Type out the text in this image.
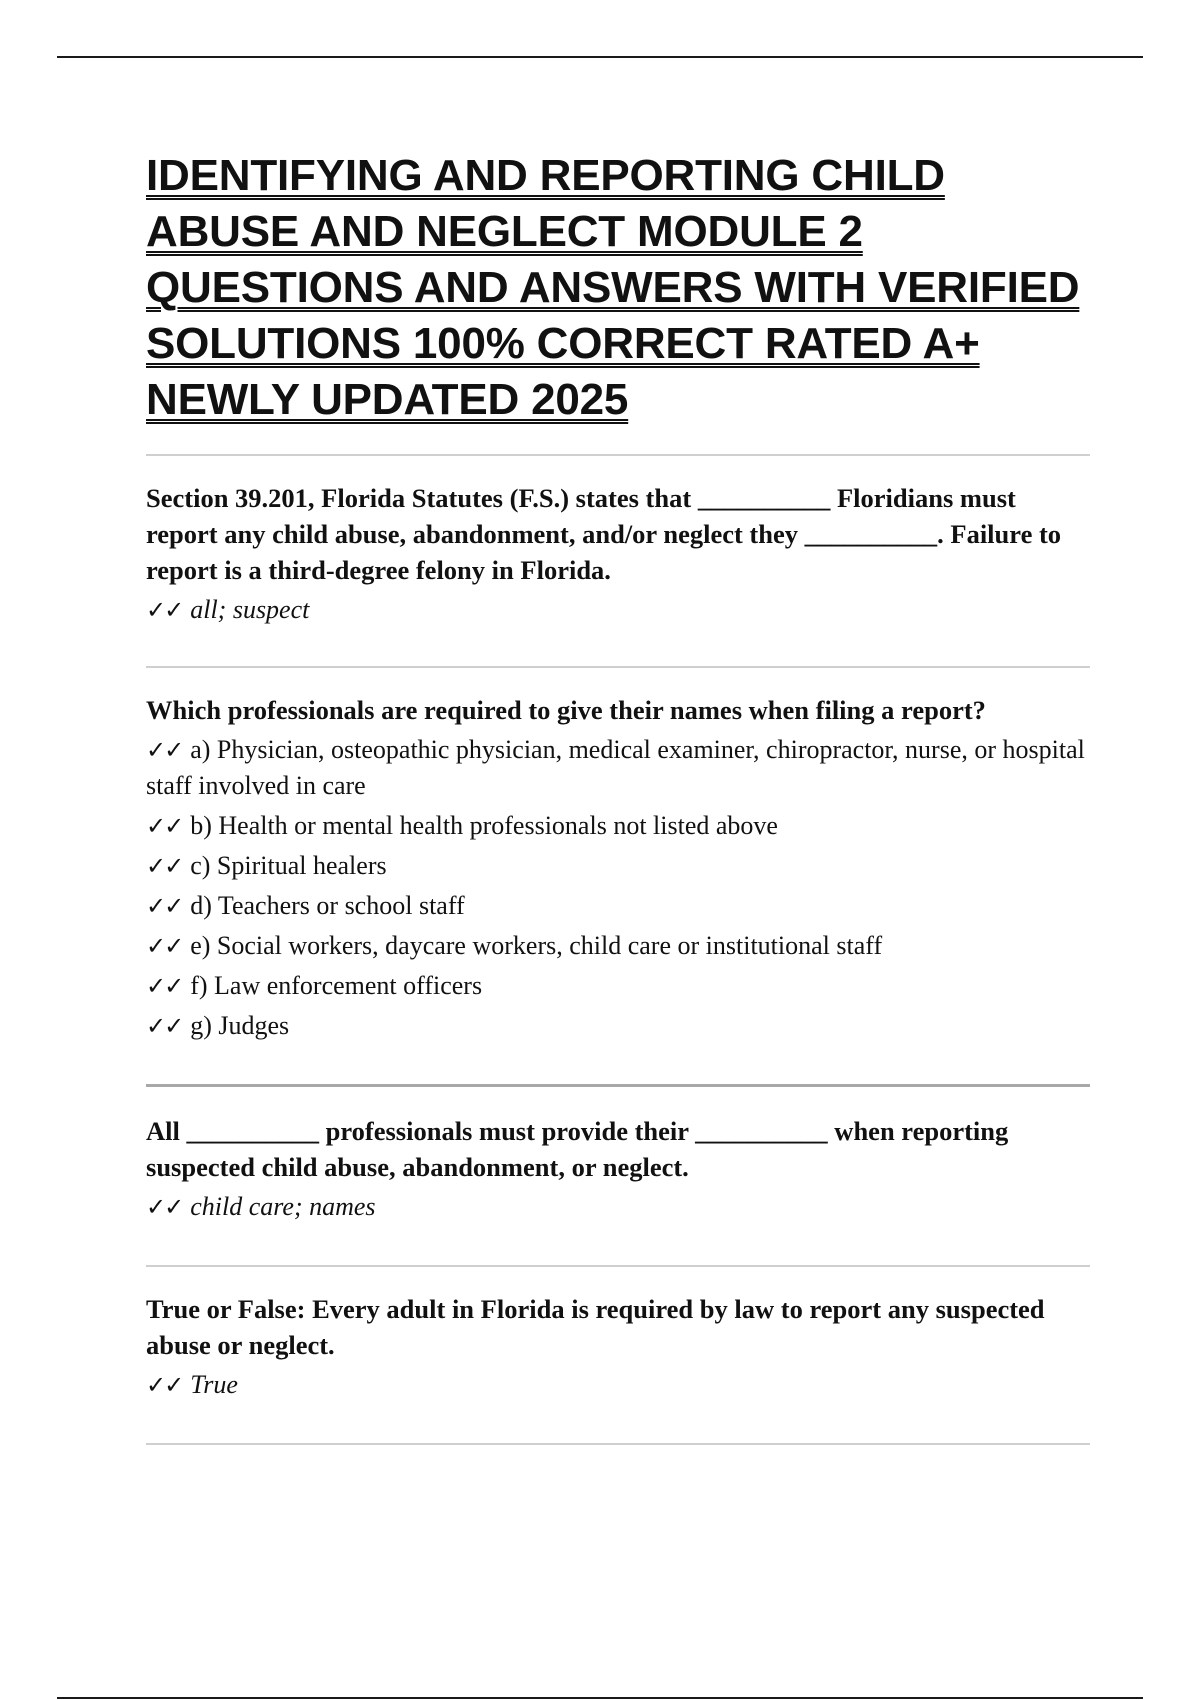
IDENTIFYING AND REPORTING CHILD ABUSE AND NEGLECT MODULE 2 QUESTIONS AND ANSWERS WITH VERIFIED SOLUTIONS 100% CORRECT RATED A+ NEWLY UPDATED 2025

Section 39.201, Florida Statutes (F.S.) states that __________ Floridians must report any child abuse, abandonment, and/or neglect they __________. Failure to report is a third-degree felony in Florida.

✓✓ all; suspect

Which professionals are required to give their names when filing a report?

✓✓ a) Physician, osteopathic physician, medical examiner, chiropractor, nurse, or hospital staff involved in care

✓✓ b) Health or mental health professionals not listed above

✓✓ c) Spiritual healers

✓✓ d) Teachers or school staff

✓✓ e) Social workers, daycare workers, child care or institutional staff

✓✓ f) Law enforcement officers

✓✓ g) Judges

All __________ professionals must provide their __________ when reporting suspected child abuse, abandonment, or neglect.

✓✓ child care; names

True or False: Every adult in Florida is required by law to report any suspected abuse or neglect.

✓✓ True
